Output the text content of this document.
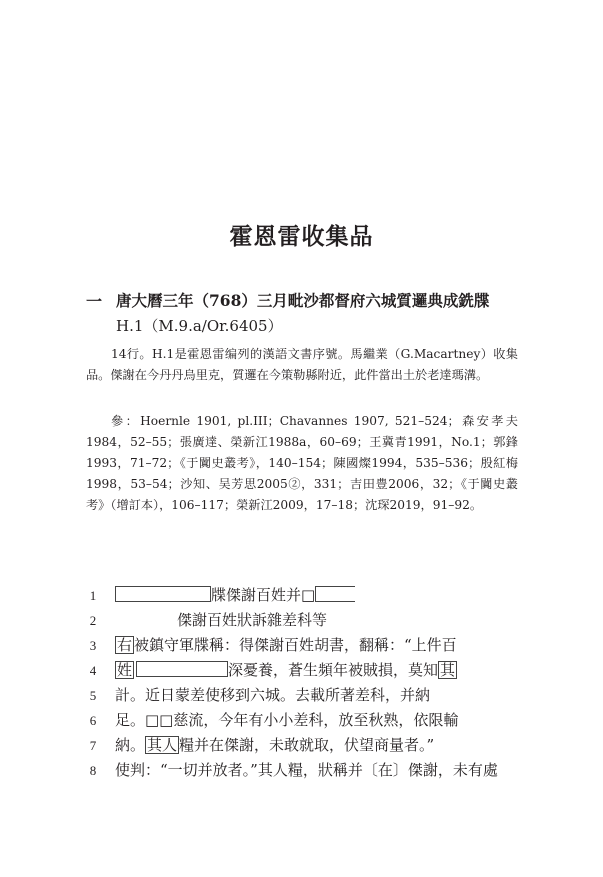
霍恩雷收集品
一 唐大曆三年（768）三月毗沙都督府六城質邏典成銑牒
H.1（M.9.a/Or.6405）
14行。H.1是霍恩雷编列的漢語文書序號。馬繼業（G.Macartney）收集品。傑謝在今丹丹烏里克，質邏在今策勒縣附近，此件當出土於老達瑪溝。
參：Hoernle 1901, pl.III；Chavannes 1907, 521–524；森安孝夫1984，52–55；張廣達、榮新江1988a，60–69；王冀青1991，No.1；郭鋒1993，71–72；《于闐史叢考》，140–154；陳國燦1994，535–536；殷紅梅1998，53–54；沙知、吴芳思2005②，331；吉田豊2006，32；《于闐史叢考》（增訂本），106–117；榮新江2009，17–18；沈琛2019，91–92。
1	牒傑謝百姓并□
2	傑謝百姓狀訴雜差科等
3 右 被鎮守軍牒稱：得傑謝百姓胡書，翻稱：“上件百
4 姓	深憂養，蒼生頻年被賊損，莫知 其
5 計。近日蒙差使移到六城。去載所著差科，并納
6 足。□□慈流，今年有小小差科，放至秋熟，依限輸
7 納。 其人 糧并在傑謝，未敢就取，伏望商量者。”
8 使判：“一切并放者。”其人糧，狀稱并〔在〕傑謝，未有處
